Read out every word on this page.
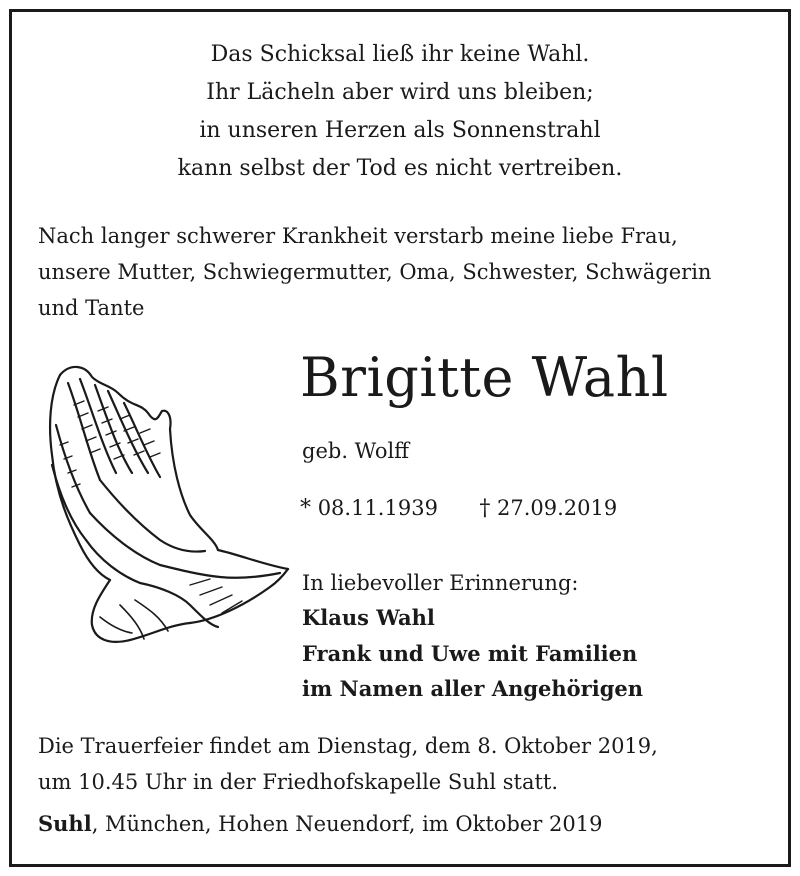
Das Schicksal ließ ihr keine Wahl.
Ihr Lächeln aber wird uns bleiben;
in unseren Herzen als Sonnenstrahl
kann selbst der Tod es nicht vertreiben.
Nach langer schwerer Krankheit verstarb meine liebe Frau,
unsere Mutter, Schwiegermutter, Oma, Schwester, Schwägerin
und Tante
Brigitte Wahl
geb. Wolff
* 08.11.1939 † 27.09.2019
In liebevoller Erinnerung:
Klaus Wahl
Frank und Uwe mit Familien
im Namen aller Angehörigen
Die Trauerfeier findet am Dienstag, dem 8. Oktober 2019,
um 10.45 Uhr in der Friedhofskapelle Suhl statt.
Suhl, München, Hohen Neuendorf, im Oktober 2019
